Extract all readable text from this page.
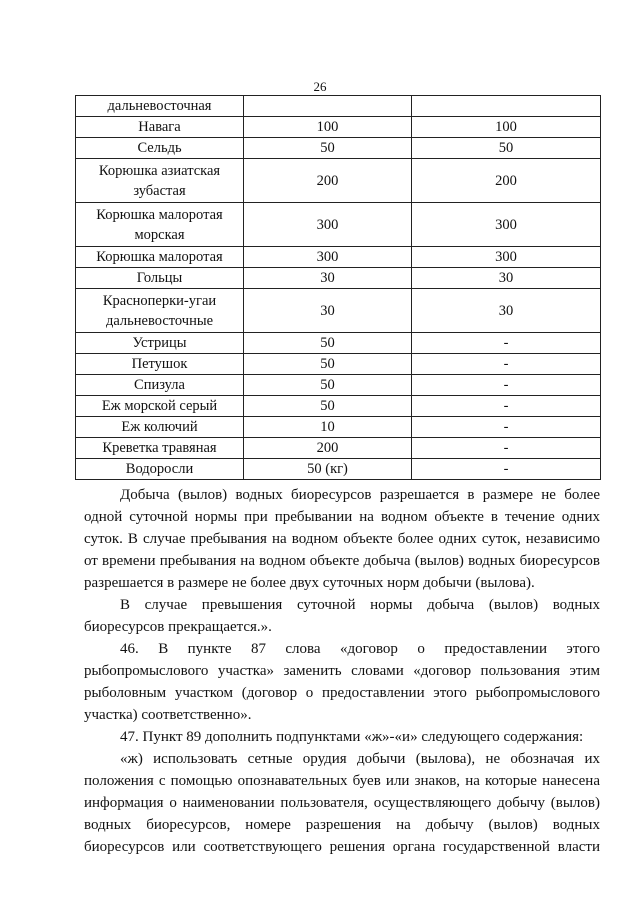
26
дальневосточная		
Навага	100	100
Сельдь	50	50
Корюшка азиатская зубастая	200	200
Корюшка малоротая морская	300	300
Корюшка малоротая	300	300
Гольцы	30	30
Красноперки-угаи дальневосточные	30	30
Устрицы	50	-
Петушок	50	-
Спизула	50	-
Еж морской серый	50	-
Еж колючий	10	-
Креветка травяная	200	-
Водоросли	50 (кг)	-

Добыча (вылов) водных биоресурсов разрешается в размере не более одной суточной нормы при пребывании на водном объекте в течение одних суток. В случае пребывания на водном объекте более одних суток, независимо от времени пребывания на водном объекте добыча (вылов) водных биоресурсов разрешается в размере не более двух суточных норм добычи (вылова).

В случае превышения суточной нормы добыча (вылов) водных биоресурсов прекращается.».

46. В пункте 87 слова «договор о предоставлении этого рыбопромыслового участка» заменить словами «договор пользования этим рыболовным участком (договор о предоставлении этого рыбопромыслового участка) соответственно».

47. Пункт 89 дополнить подпунктами «ж»-«и» следующего содержания:

«ж) использовать сетные орудия добычи (вылова), не обозначая их положения с помощью опознавательных буев или знаков, на которые нанесена информация о наименовании пользователя, осуществляющего добычу (вылов) водных биоресурсов, номере разрешения на добычу (вылов) водных биоресурсов или соответствующего решения органа государственной власти
